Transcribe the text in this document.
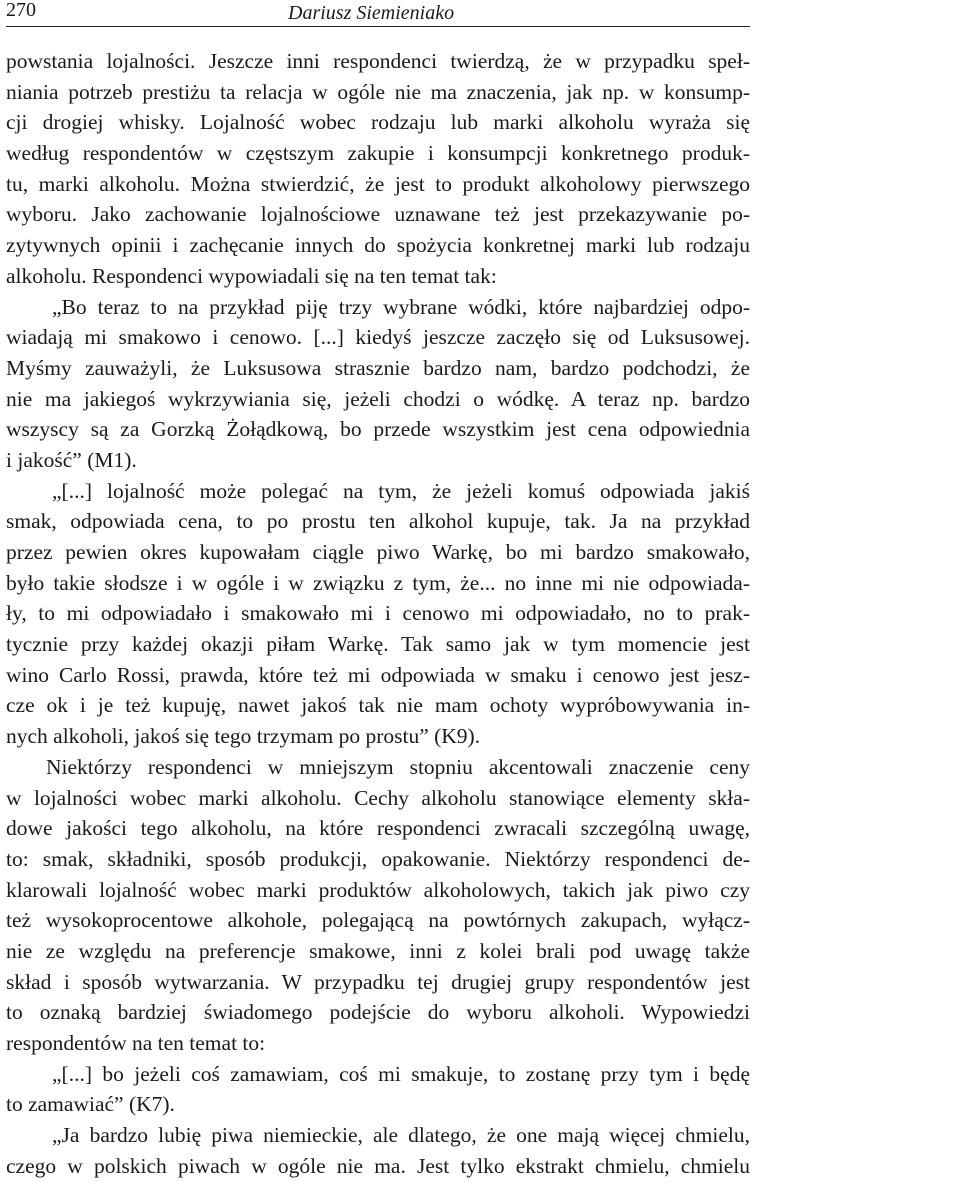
270	Dariusz Siemieniako
powstania lojalności. Jeszcze inni respondenci twierdzą, że w przypadku speł-
niania potrzeb prestiżu ta relacja w ogóle nie ma znaczenia, jak np. w konsump-
cji drogiej whisky. Lojalność wobec rodzaju lub marki alkoholu wyraża się
według respondentów w częstszym zakupie i konsumpcji konkretnego produk-
tu, marki alkoholu. Można stwierdzić, że jest to produkt alkoholowy pierwszego
wyboru. Jako zachowanie lojalnościowe uznawane też jest przekazywanie po-
zytywnych opinii i zachęcanie innych do spożycia konkretnej marki lub rodzaju
alkoholu. Respondenci wypowiadali się na ten temat tak:
„Bo teraz to na przykład piję trzy wybrane wódki, które najbardziej odpo-
wiadają mi smakowo i cenowo. [...] kiedyś jeszcze zaczęło się od Luksusowej.
Myśmy zauważyli, że Luksusowa strasznie bardzo nam, bardzo podchodzi, że
nie ma jakiegoś wykrzywiania się, jeżeli chodzi o wódkę. A teraz np. bardzo
wszyscy są za Gorzką Żołądkową, bo przede wszystkim jest cena odpowiednia
i jakość” (M1).
„[...] lojalność może polegać na tym, że jeżeli komuś odpowiada jakiś
smak, odpowiada cena, to po prostu ten alkohol kupuje, tak. Ja na przykład
przez pewien okres kupowałam ciągle piwo Warkę, bo mi bardzo smakowało,
było takie słodsze i w ogóle i w związku z tym, że... no inne mi nie odpowiada-
ły, to mi odpowiadało i smakowało mi i cenowo mi odpowiadało, no to prak-
tycznie przy każdej okazji piłam Warkę. Tak samo jak w tym momencie jest
wino Carlo Rossi, prawda, które też mi odpowiada w smaku i cenowo jest jesz-
cze ok i je też kupuję, nawet jakoś tak nie mam ochoty wypróbowywania in-
nych alkoholi, jakoś się tego trzymam po prostu” (K9).
Niektórzy respondenci w mniejszym stopniu akcentowali znaczenie ceny
w lojalności wobec marki alkoholu. Cechy alkoholu stanowiące elementy skła-
dowe jakości tego alkoholu, na które respondenci zwracali szczególną uwagę,
to: smak, składniki, sposób produkcji, opakowanie. Niektórzy respondenci de-
klarowali lojalność wobec marki produktów alkoholowych, takich jak piwo czy
też wysokoprocentowe alkohole, polegającą na powtórnych zakupach, wyłącz-
nie ze względu na preferencje smakowe, inni z kolei brali pod uwagę także
skład i sposób wytwarzania. W przypadku tej drugiej grupy respondentów jest
to oznaką bardziej świadomego podejście do wyboru alkoholi. Wypowiedzi
respondentów na ten temat to:
„[...] bo jeżeli coś zamawiam, coś mi smakuje, to zostanę przy tym i będę
to zamawiać” (K7).
„Ja bardzo lubię piwa niemieckie, ale dlatego, że one mają więcej chmielu,
czego w polskich piwach w ogóle nie ma. Jest tylko ekstrakt chmielu, chmielu
